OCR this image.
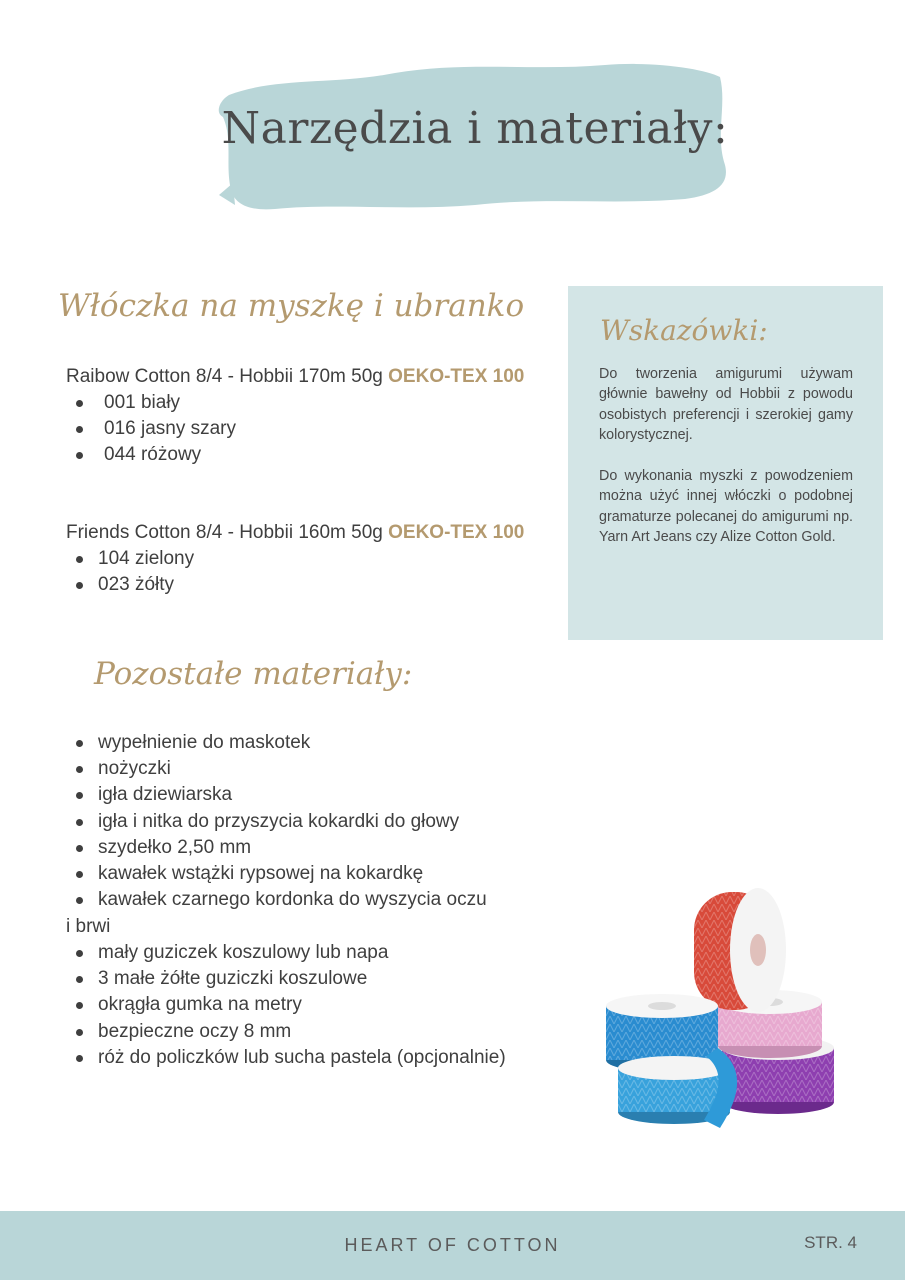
Narzędzia i materiały:
Włóczka na myszkę i ubranko
Raibow Cotton 8/4 - Hobbii 170m 50g OEKO-TEX 100
001 biały
016 jasny szary
044 różowy
Friends Cotton 8/4 - Hobbii 160m 50g OEKO-TEX 100
104 zielony
023 żółty
Wskazówki:
Do tworzenia amigurumi używam głównie bawełny od Hobbii z powodu osobistych preferencji i szerokiej gamy kolorystycznej.
Do wykonania myszki z powodzeniem można użyć innej włóczki o podobnej gramaturze polecanej do amigurumi np. Yarn Art Jeans czy Alize Cotton Gold.
Pozostałe materiały:
wypełnienie do maskotek
nożyczki
igła dziewiarska
igła i nitka do przyszycia kokardki do głowy
szydełko 2,50 mm
kawałek wstążki rypsowej na kokardkę
kawałek czarnego kordonka do wyszycia oczu
i brwi
mały guziczek koszulowy lub napa
3 małe żółte guziczki koszulowe
okrągła gumka na metry
bezpieczne oczy 8 mm
róż do policzków lub sucha pastela (opcjonalnie)
HEART OF COTTON	STR. 4
